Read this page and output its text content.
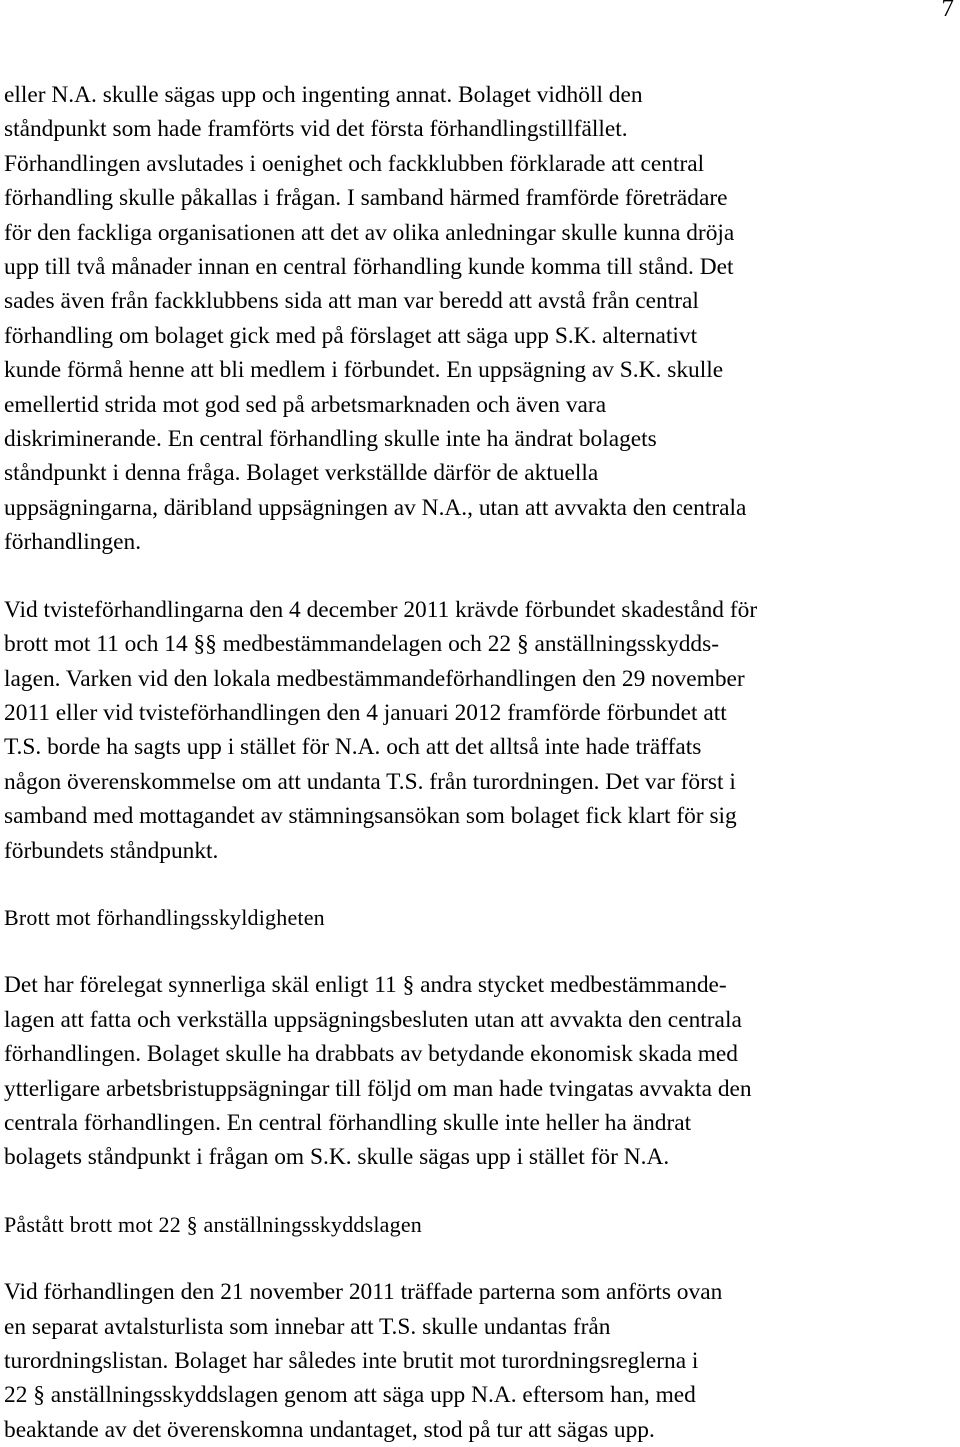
7
eller N.A. skulle sägas upp och ingenting annat. Bolaget vidhöll den
ståndpunkt som hade framförts vid det första förhandlingstillfället.
Förhandlingen avslutades i oenighet och fackklubben förklarade att central
förhandling skulle påkallas i frågan. I samband härmed framförde företrädare
för den fackliga organisationen att det av olika anledningar skulle kunna dröja
upp till två månader innan en central förhandling kunde komma till stånd. Det
sades även från fackklubbens sida att man var beredd att avstå från central
förhandling om bolaget gick med på förslaget att säga upp S.K. alternativt
kunde förmå henne att bli medlem i förbundet. En uppsägning av S.K. skulle
emellertid strida mot god sed på arbetsmarknaden och även vara
diskriminerande. En central förhandling skulle inte ha ändrat bolagets
ståndpunkt i denna fråga. Bolaget verkställde därför de aktuella
uppsägningarna, däribland uppsägningen av N.A., utan att avvakta den centrala
förhandlingen.
Vid tvisteförhandlingarna den 4 december 2011 krävde förbundet skadestånd för
brott mot 11 och 14 §§ medbestämmandelagen och 22 § anställningsskydds-
lagen. Varken vid den lokala medbestämmandeförhandlingen den 29 november
2011 eller vid tvisteförhandlingen den 4 januari 2012 framförde förbundet att
T.S. borde ha sagts upp i stället för N.A. och att det alltså inte hade träffats
någon överenskommelse om att undanta T.S. från turordningen. Det var först i
samband med mottagandet av stämningsansökan som bolaget fick klart för sig
förbundets ståndpunkt.
Brott mot förhandlingsskyldigheten
Det har förelegat synnerliga skäl enligt 11 § andra stycket medbestämmande-
lagen att fatta och verkställa uppsägningsbesluten utan att avvakta den centrala
förhandlingen. Bolaget skulle ha drabbats av betydande ekonomisk skada med
ytterligare arbetsbristuppsägningar till följd om man hade tvingatas avvakta den
centrala förhandlingen. En central förhandling skulle inte heller ha ändrat
bolagets ståndpunkt i frågan om S.K. skulle sägas upp i stället för N.A.
Påstått brott mot 22 § anställningsskyddslagen
Vid förhandlingen den 21 november 2011 träffade parterna som anförts ovan
en separat avtalsturlista som innebar att T.S. skulle undantas från
turordningslistan. Bolaget har således inte brutit mot turordningsreglerna i
22 § anställningsskyddslagen genom att säga upp N.A. eftersom han, med
beaktande av det överenskomna undantaget, stod på tur att sägas upp.
